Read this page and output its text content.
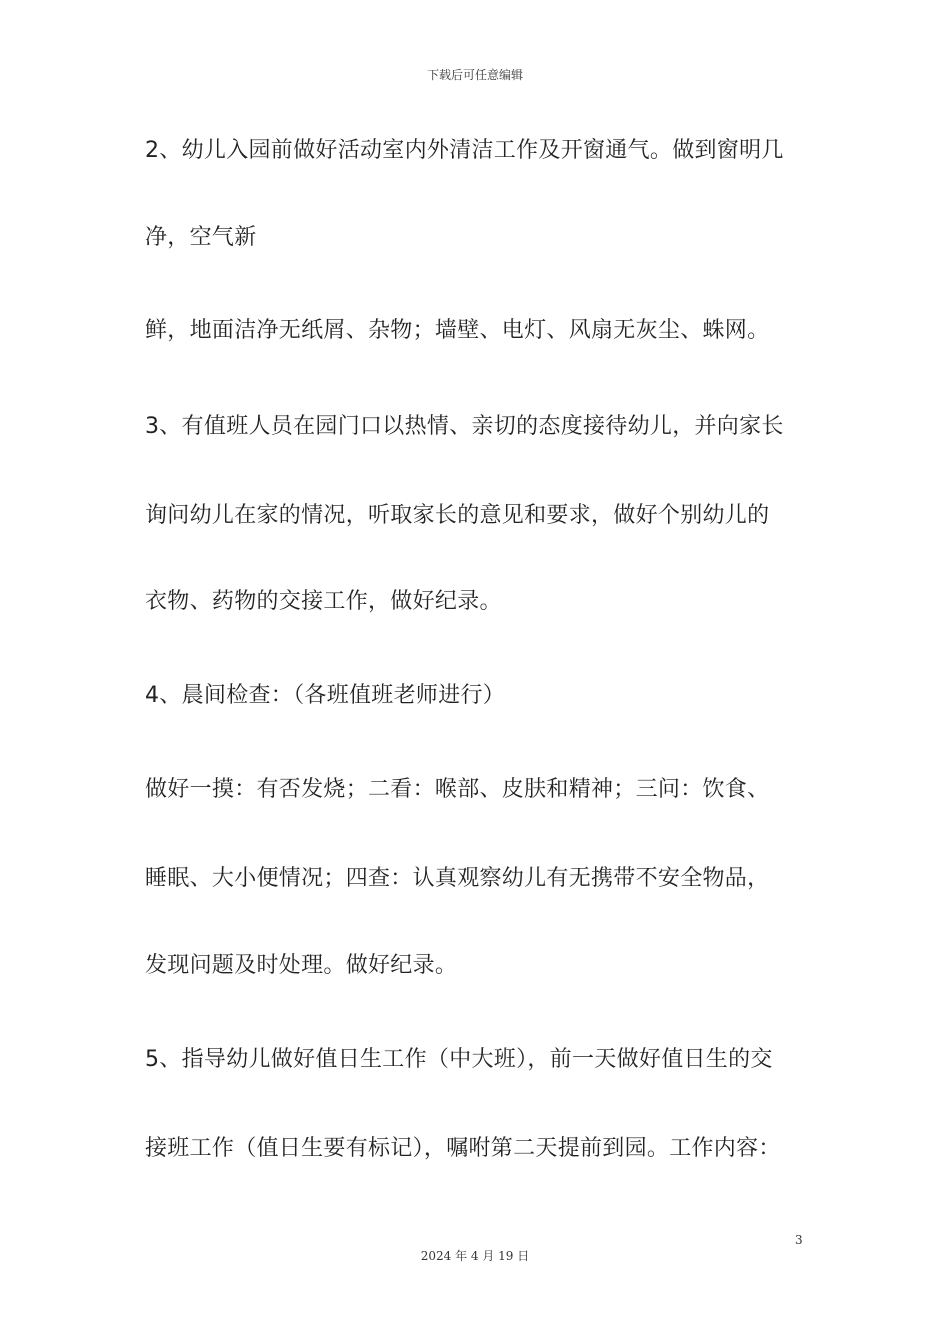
下载后可任意编辑
2、幼儿入园前做好活动室内外清洁工作及开窗通气。做到窗明几
净，空气新
鲜，地面洁净无纸屑、杂物；墙壁、电灯、风扇无灰尘、蛛网。
3、有值班人员在园门口以热情、亲切的态度接待幼儿，并向家长
询问幼儿在家的情况，听取家长的意见和要求，做好个别幼儿的
衣物、药物的交接工作，做好纪录。
4、晨间检查：（各班值班老师进行）
做好一摸：有否发烧；二看：喉部、皮肤和精神；三问：饮食、
睡眠、大小便情况；四查：认真观察幼儿有无携带不安全物品，
发现问题及时处理。做好纪录。
5、指导幼儿做好值日生工作（中大班），前一天做好值日生的交
接班工作（值日生要有标记），嘱咐第二天提前到园。工作内容：
3
2024 年 4 月 19 日
